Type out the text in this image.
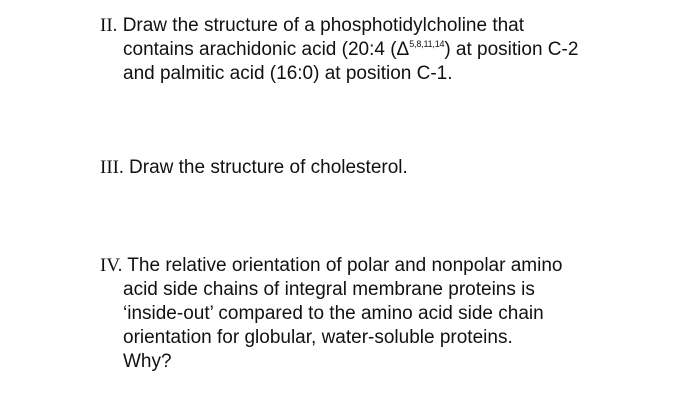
II. Draw the structure of a phosphotidylcholine that
contains arachidonic acid (20:4 $(\Delta^{5,8,11,14})$ at position C-2
and palmitic acid (16:0) at position C-1.
III. Draw the structure of cholesterol.
IV. The relative orientation of polar and nonpolar amino
acid side chains of integral membrane proteins is
‘inside-out’ compared to the amino acid side chain
orientation for globular, water-soluble proteins.
Why?
